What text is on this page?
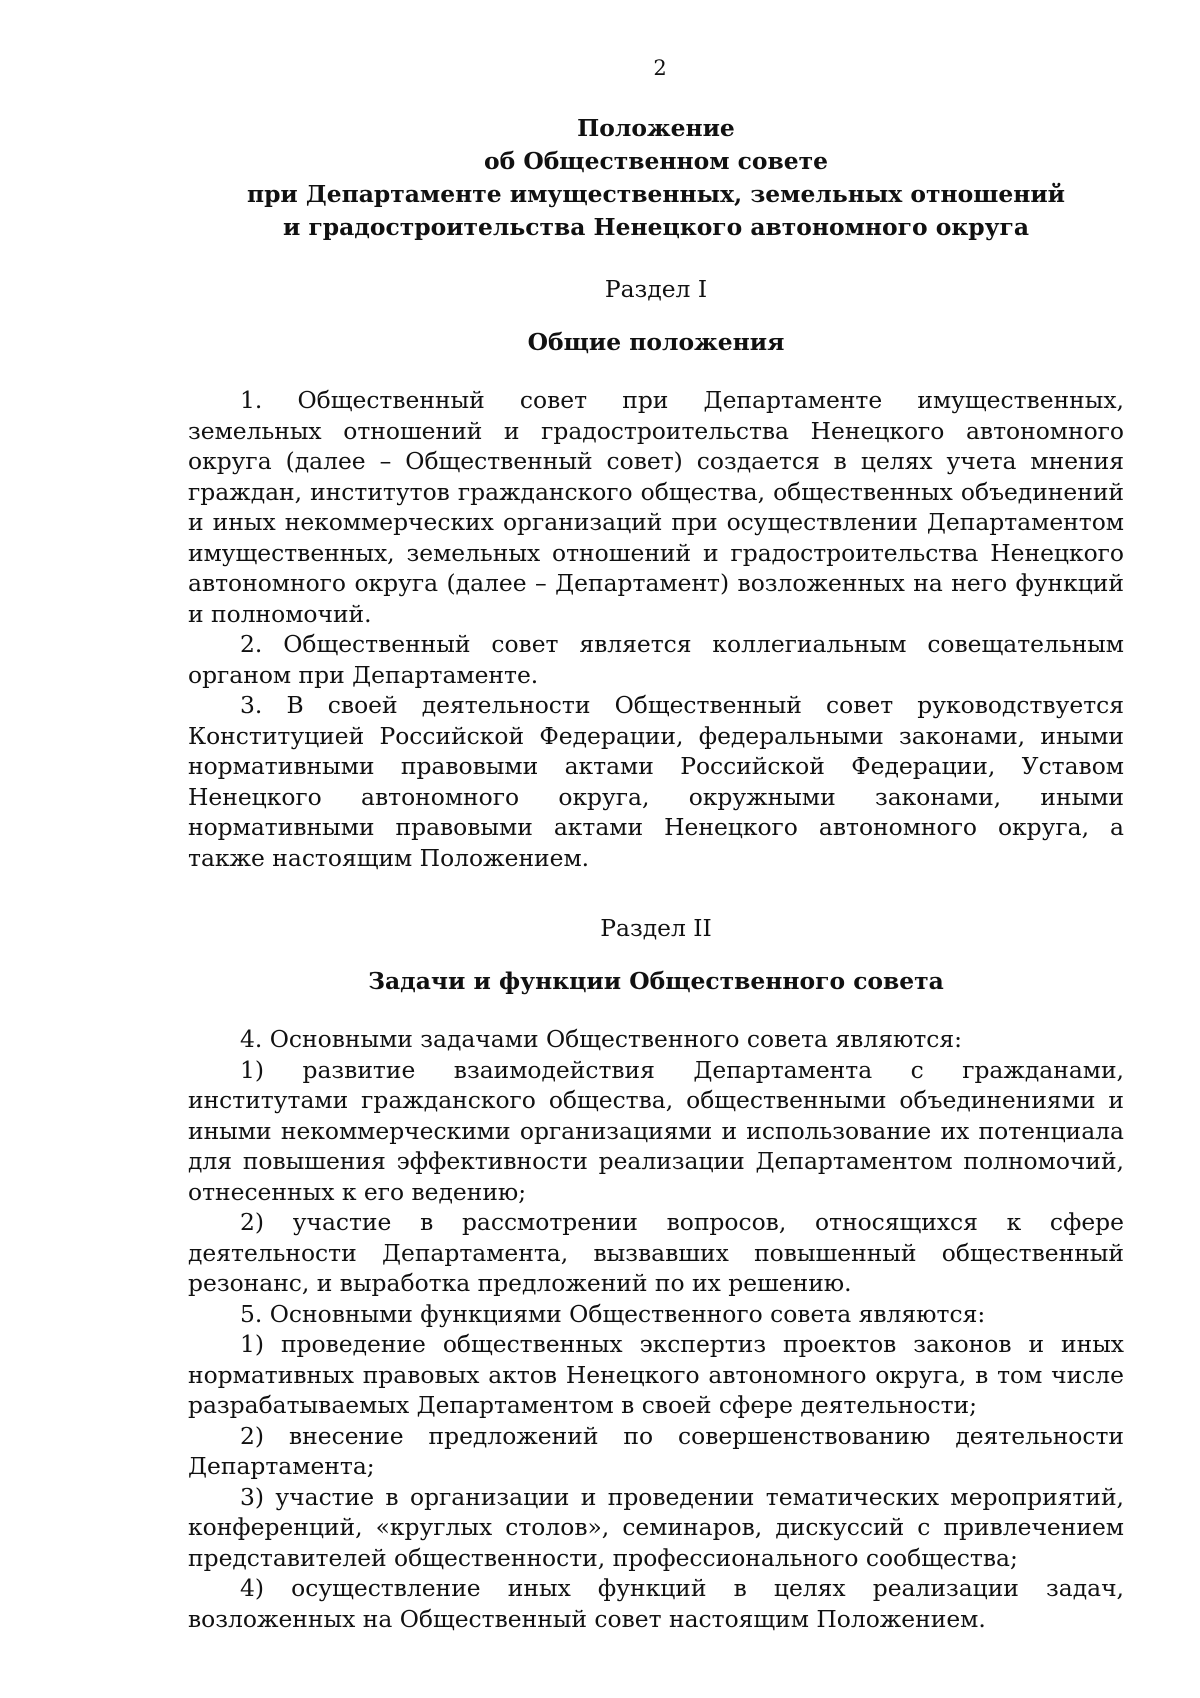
2
Положение
об Общественном совете
при Департаменте имущественных, земельных отношений
и градостроительства Ненецкого автономного округа
Раздел I
Общие положения

1. Общественный совет при Департаменте имущественных, земельных отношений и градостроительства Ненецкого автономного округа (далее – Общественный совет) создается в целях учета мнения граждан, институтов гражданского общества, общественных объединений и иных некоммерческих организаций при осуществлении Департаментом имущественных, земельных отношений и градостроительства Ненецкого автономного округа (далее – Департамент) возложенных на него функций и полномочий.

2. Общественный совет является коллегиальным совещательным органом при Департаменте.

3. В своей деятельности Общественный совет руководствуется Конституцией Российской Федерации, федеральными законами, иными нормативными правовыми актами Российской Федерации, Уставом Ненецкого автономного округа, окружными законами, иными нормативными правовыми актами Ненецкого автономного округа, а также настоящим Положением.

Раздел II
Задачи и функции Общественного совета

4. Основными задачами Общественного совета являются:

1) развитие взаимодействия Департамента с гражданами, институтами гражданского общества, общественными объединениями и иными некоммерческими организациями и использование их потенциала для повышения эффективности реализации Департаментом полномочий, отнесенных к его ведению;

2) участие в рассмотрении вопросов, относящихся к сфере деятельности Департамента, вызвавших повышенный общественный резонанс, и выработка предложений по их решению.

5. Основными функциями Общественного совета являются:

1) проведение общественных экспертиз проектов законов и иных нормативных правовых актов Ненецкого автономного округа, в том числе разрабатываемых Департаментом в своей сфере деятельности;

2) внесение предложений по совершенствованию деятельности Департамента;

3) участие в организации и проведении тематических мероприятий, конференций, «круглых столов», семинаров, дискуссий с привлечением представителей общественности, профессионального сообщества;

4) осуществление иных функций в целях реализации задач, возложенных на Общественный совет настоящим Положением.
